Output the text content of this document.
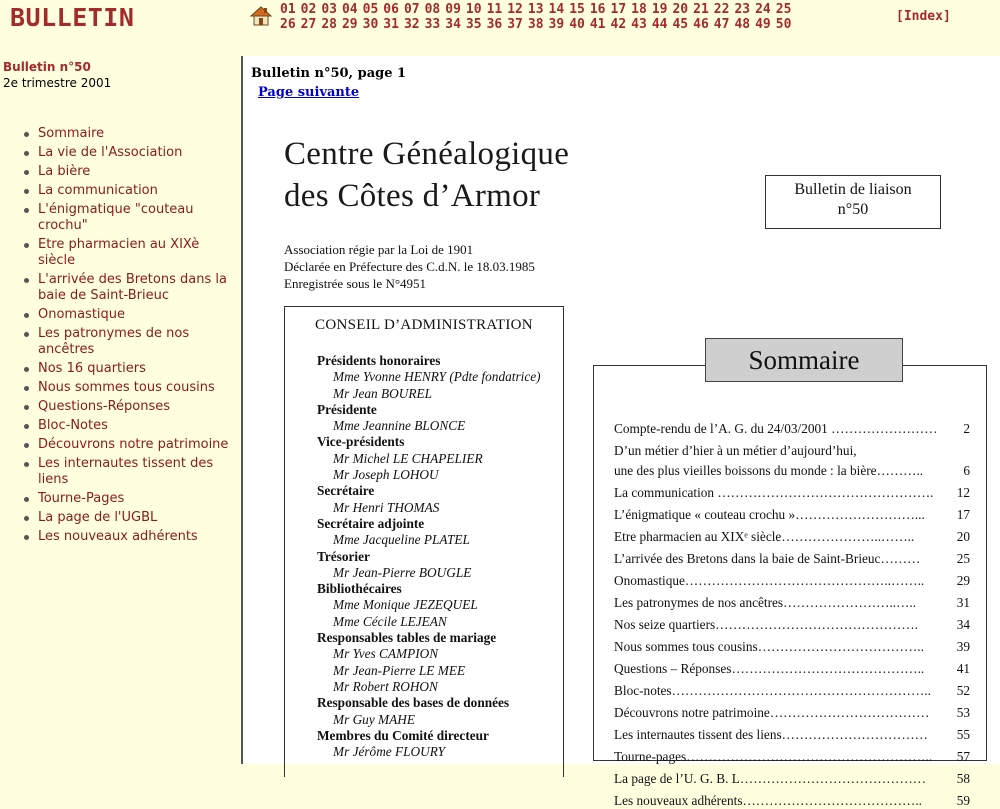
BULLETIN	01 02 03 04 05 06 07 08 09 10 11 12 13 14 15 16 17 18 19 20 21 22 23 24 25
26 27 28 29 30 31 32 33 34 35 36 37 38 39 40 41 42 43 44 45 46 47 48 49 50
[Index]
Bulletin n°50
2e trimestre 2001
Sommaire
La vie de l'Association
La bière
La communication
L'énigmatique "couteau crochu"
Etre pharmacien au XIXè siècle
L'arrivée des Bretons dans la baie de Saint-Brieuc
Onomastique
Les patronymes de nos ancêtres
Nos 16 quartiers
Nous sommes tous cousins
Questions-Réponses
Bloc-Notes
Découvrons notre patrimoine
Les internautes tissent des liens
Tourne-Pages
La page de l'UGBL
Les nouveaux adhérents
Bulletin n°50, page 1
Page suivante
Centre Généalogique
des Côtes d’Armor	Bulletin de liaison
n°50
Association régie par la Loi de 1901
Déclarée en Préfecture des C.d.N. le 18.03.1985
Enregistrée sous le N°4951
CONSEIL D’ADMINISTRATION
Présidents honoraires
Mme Yvonne HENRY (Pdte fondatrice)
Mr Jean BOUREL
Présidente
Mme Jeannine BLONCE
Vice-présidents
Mr Michel LE CHAPELIER
Mr Joseph LOHOU
Secrétaire
Mr Henri THOMAS
Secrétaire adjointe
Mme Jacqueline PLATEL
Trésorier
Mr Jean-Pierre BOUGLE
Bibliothécaires
Mme Monique JEZEQUEL
Mme Cécile LEJEAN
Responsables tables de mariage
Mr Yves CAMPION
Mr Jean-Pierre LE MEE
Mr Robert ROHON
Responsable des bases de données
Mr Guy MAHE
Membres du Comité directeur
Mr Jérôme FLOURY
Compte-rendu de l’A. G. du 24/03/2001 …………………… 2
D’un métier d’hier à un métier d’aujourd’hui,
une des plus vieilles boissons du monde : la bière………..	6
La communication …………………………………………. 12
L’énigmatique « couteau crochu »………………………... 17
Etre pharmacien au XIXᵉ siècle…………………..……..	20
L’arrivée des Bretons dans la baie de Saint-Brieuc………	25
Onomastique………………………………………..…….. 29
Les patronymes de nos ancêtres……………………..…..	31
Nos seize quartiers……………………………………….	34
Nous sommes tous cousins……………………………….. 39
Questions – Réponses…………………………………….. 41
Bloc-notes………………………………………………….. 52
Découvrons notre patrimoine……………………………… 53
Les internautes tissent des liens…………………………… 55
Tourne-pages……………………………………………….. 57
La page de l’U. G. B. L…………………………………… 58
Les nouveaux adhérents…………………………………..	59
Sommaire
